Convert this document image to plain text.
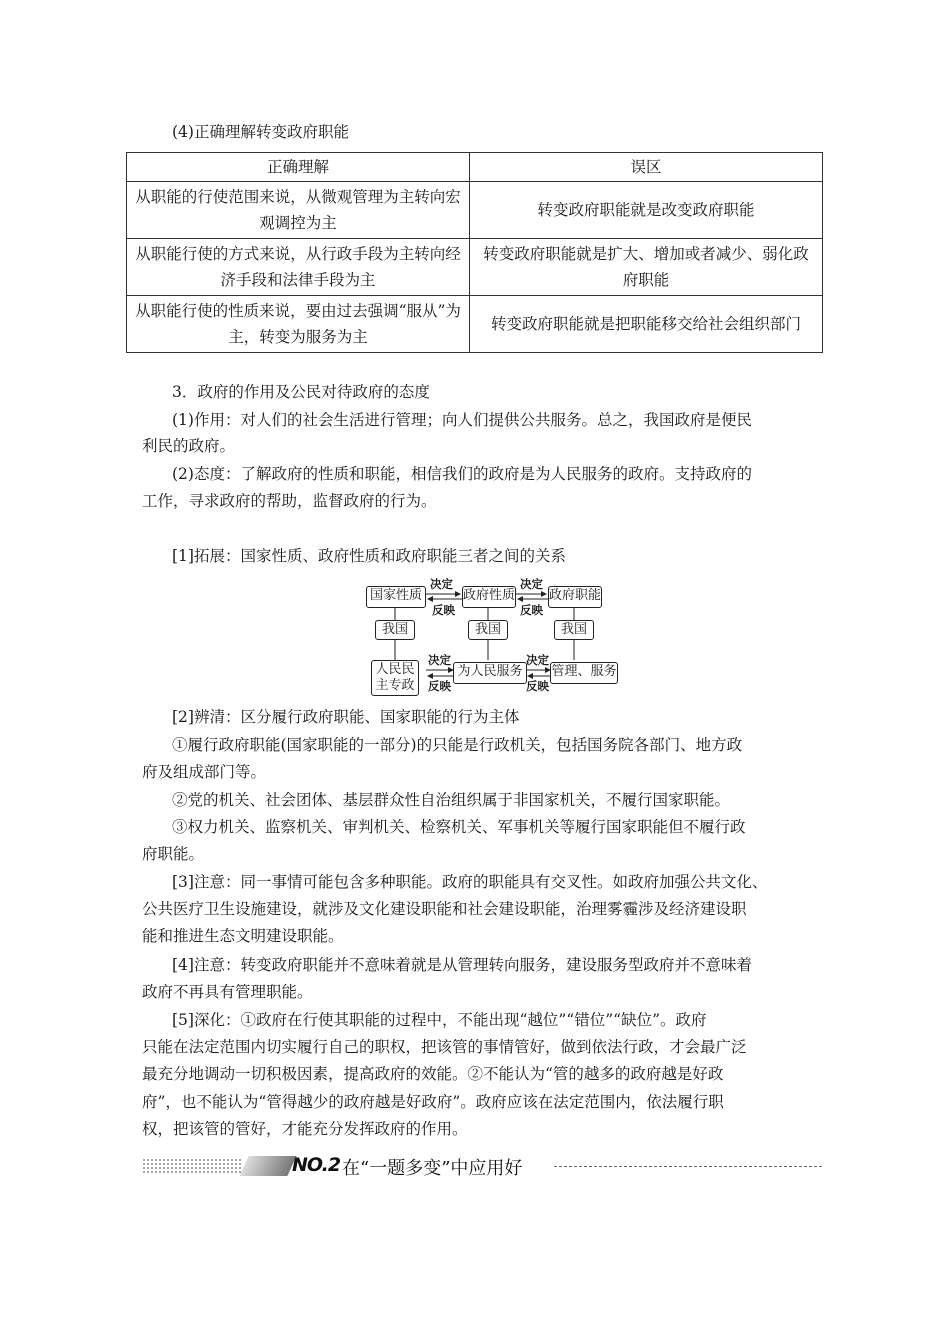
(4)正确理解转变政府职能
正确理解	误区
从职能的行使范围来说，从微观管理为主转向宏观调控为主	转变政府职能就是改变政府职能
从职能行使的方式来说，从行政手段为主转向经济手段和法律手段为主	转变政府职能就是扩大、增加或者减少、弱化政府职能
从职能行使的性质来说，要由过去强调“服从”为主，转变为服务为主	转变政府职能就是把职能移交给社会组织部门
3．政府的作用及公民对待政府的态度
(1)作用：对人们的社会生活进行管理；向人们提供公共服务。总之，我国政府是便民
利民的政府。
(2)态度：了解政府的性质和职能，相信我们的政府是为人民服务的政府。支持政府的
工作，寻求政府的帮助，监督政府的行为。
[1]拓展：国家性质、政府性质和政府职能三者之间的关系
国家性质	政府性质	政府职能
决定
反映
决定
反映
我国	我国	我国
人民民
主专政
为人民服务	管理、服务
决定
反映
决定
反映
[2]辨清：区分履行政府职能、国家职能的行为主体
①履行政府职能(国家职能的一部分)的只能是行政机关，包括国务院各部门、地方政
府及组成部门等。
②党的机关、社会团体、基层群众性自治组织属于非国家机关，不履行国家职能。
③权力机关、监察机关、审判机关、检察机关、军事机关等履行国家职能但不履行政
府职能。
[3]注意：同一事情可能包含多种职能。政府的职能具有交叉性。如政府加强公共文化、
公共医疗卫生设施建设，就涉及文化建设职能和社会建设职能，治理雾霾涉及经济建设职
能和推进生态文明建设职能。
[4]注意：转变政府职能并不意味着就是从管理转向服务，建设服务型政府并不意味着
政府不再具有管理职能。
[5]深化：①政府在行使其职能的过程中，不能出现“越位”“错位”“缺位”。政府
只能在法定范围内切实履行自己的职权，把该管的事情管好，做到依法行政，才会最广泛
最充分地调动一切积极因素，提高政府的效能。②不能认为“管的越多的政府越是好政
府”，也不能认为“管得越少的政府越是好政府”。政府应该在法定范围内，依法履行职
权，把该管的管好，才能充分发挥政府的作用。
NO.2 在“一题多变”中应用好
